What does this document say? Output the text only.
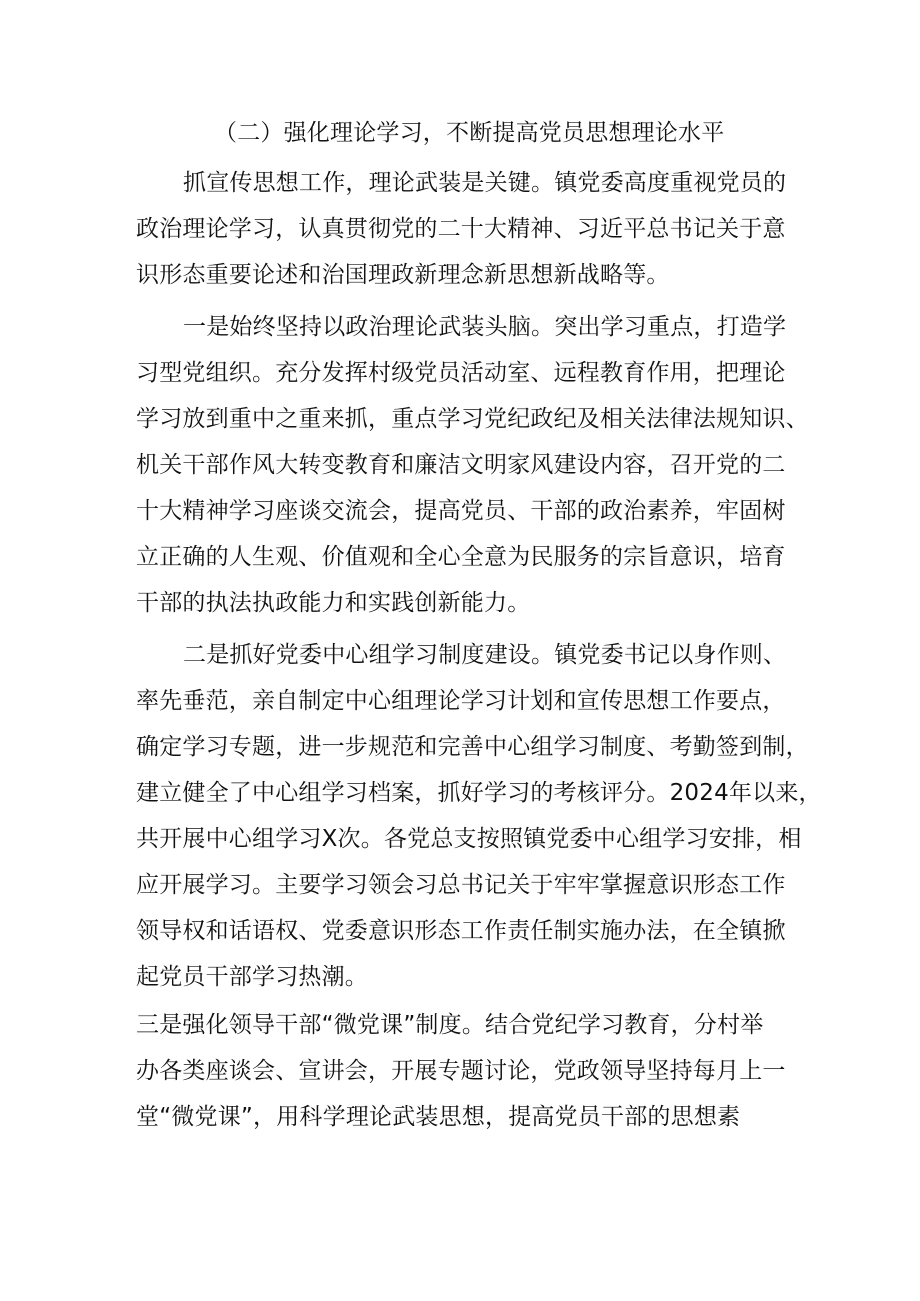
（二）强化理论学习，不断提高党员思想理论水平
抓宣传思想工作，理论武装是关键。镇党委高度重视党员的
政治理论学习，认真贯彻党的二十大精神、习近平总书记关于意
识形态重要论述和治国理政新理念新思想新战略等。
一是始终坚持以政治理论武装头脑。突出学习重点，打造学
习型党组织。充分发挥村级党员活动室、远程教育作用，把理论
学习放到重中之重来抓，重点学习党纪政纪及相关法律法规知识、
机关干部作风大转变教育和廉洁文明家风建设内容，召开党的二
十大精神学习座谈交流会，提高党员、干部的政治素养，牢固树
立正确的人生观、价值观和全心全意为民服务的宗旨意识，培育
干部的执法执政能力和实践创新能力。
二是抓好党委中心组学习制度建设。镇党委书记以身作则、
率先垂范，亲自制定中心组理论学习计划和宣传思想工作要点，
确定学习专题，进一步规范和完善中心组学习制度、考勤签到制，
建立健全了中心组学习档案，抓好学习的考核评分。2024年以来，
共开展中心组学习X次。各党总支按照镇党委中心组学习安排，相
应开展学习。主要学习领会习总书记关于牢牢掌握意识形态工作
领导权和话语权、党委意识形态工作责任制实施办法，在全镇掀
起党员干部学习热潮。
三是强化领导干部“微党课”制度。结合党纪学习教育，分村举
办各类座谈会、宣讲会，开展专题讨论，党政领导坚持每月上一
堂“微党课”，用科学理论武装思想，提高党员干部的思想素
